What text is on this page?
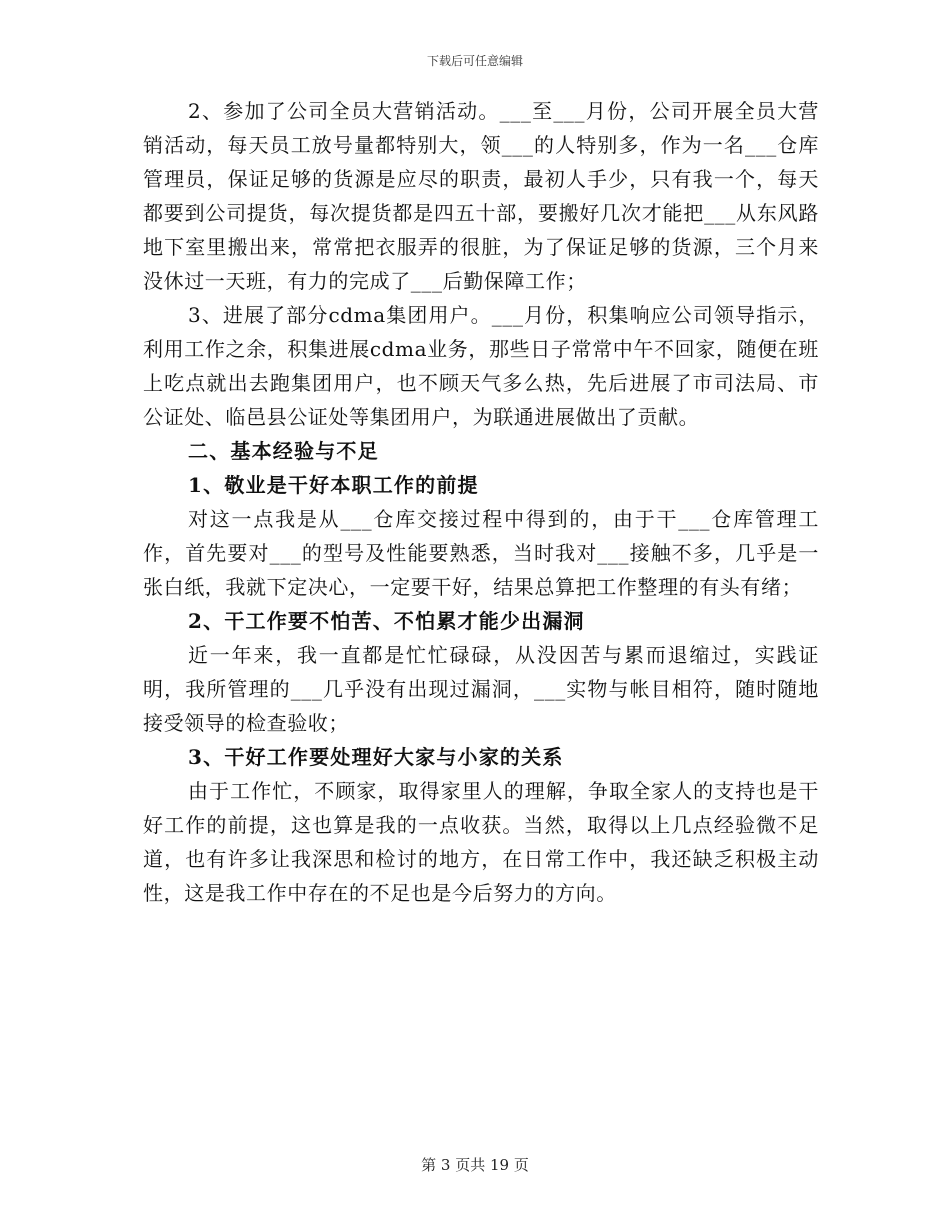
下载后可任意编辑

2、参加了公司全员大营销活动。___至___月份，公司开展全员大营销活动，每天员工放号量都特别大，领___的人特别多，作为一名___仓库管理员，保证足够的货源是应尽的职责，最初人手少，只有我一个，每天都要到公司提货，每次提货都是四五十部，要搬好几次才能把___从东风路地下室里搬出来，常常把衣服弄的很脏，为了保证足够的货源，三个月来没休过一天班，有力的完成了___后勤保障工作；

3、进展了部分cdma集团用户。___月份，积集响应公司领导指示，利用工作之余，积集进展cdma业务，那些日子常常中午不回家，随便在班上吃点就出去跑集团用户，也不顾天气多么热，先后进展了市司法局、市公证处、临邑县公证处等集团用户，为联通进展做出了贡献。

二、基本经验与不足

1、敬业是干好本职工作的前提

对这一点我是从___仓库交接过程中得到的，由于干___仓库管理工作，首先要对___的型号及性能要熟悉，当时我对___接触不多，几乎是一张白纸，我就下定决心，一定要干好，结果总算把工作整理的有头有绪；

2、干工作要不怕苦、不怕累才能少出漏洞

近一年来，我一直都是忙忙碌碌，从没因苦与累而退缩过，实践证明，我所管理的___几乎没有出现过漏洞，___实物与帐目相符，随时随地接受领导的检查验收；

3、干好工作要处理好大家与小家的关系

由于工作忙，不顾家，取得家里人的理解，争取全家人的支持也是干好工作的前提，这也算是我的一点收获。当然，取得以上几点经验微不足道，也有许多让我深思和检讨的地方，在日常工作中，我还缺乏积极主动性，这是我工作中存在的不足也是今后努力的方向。

第 3 页共 19 页
